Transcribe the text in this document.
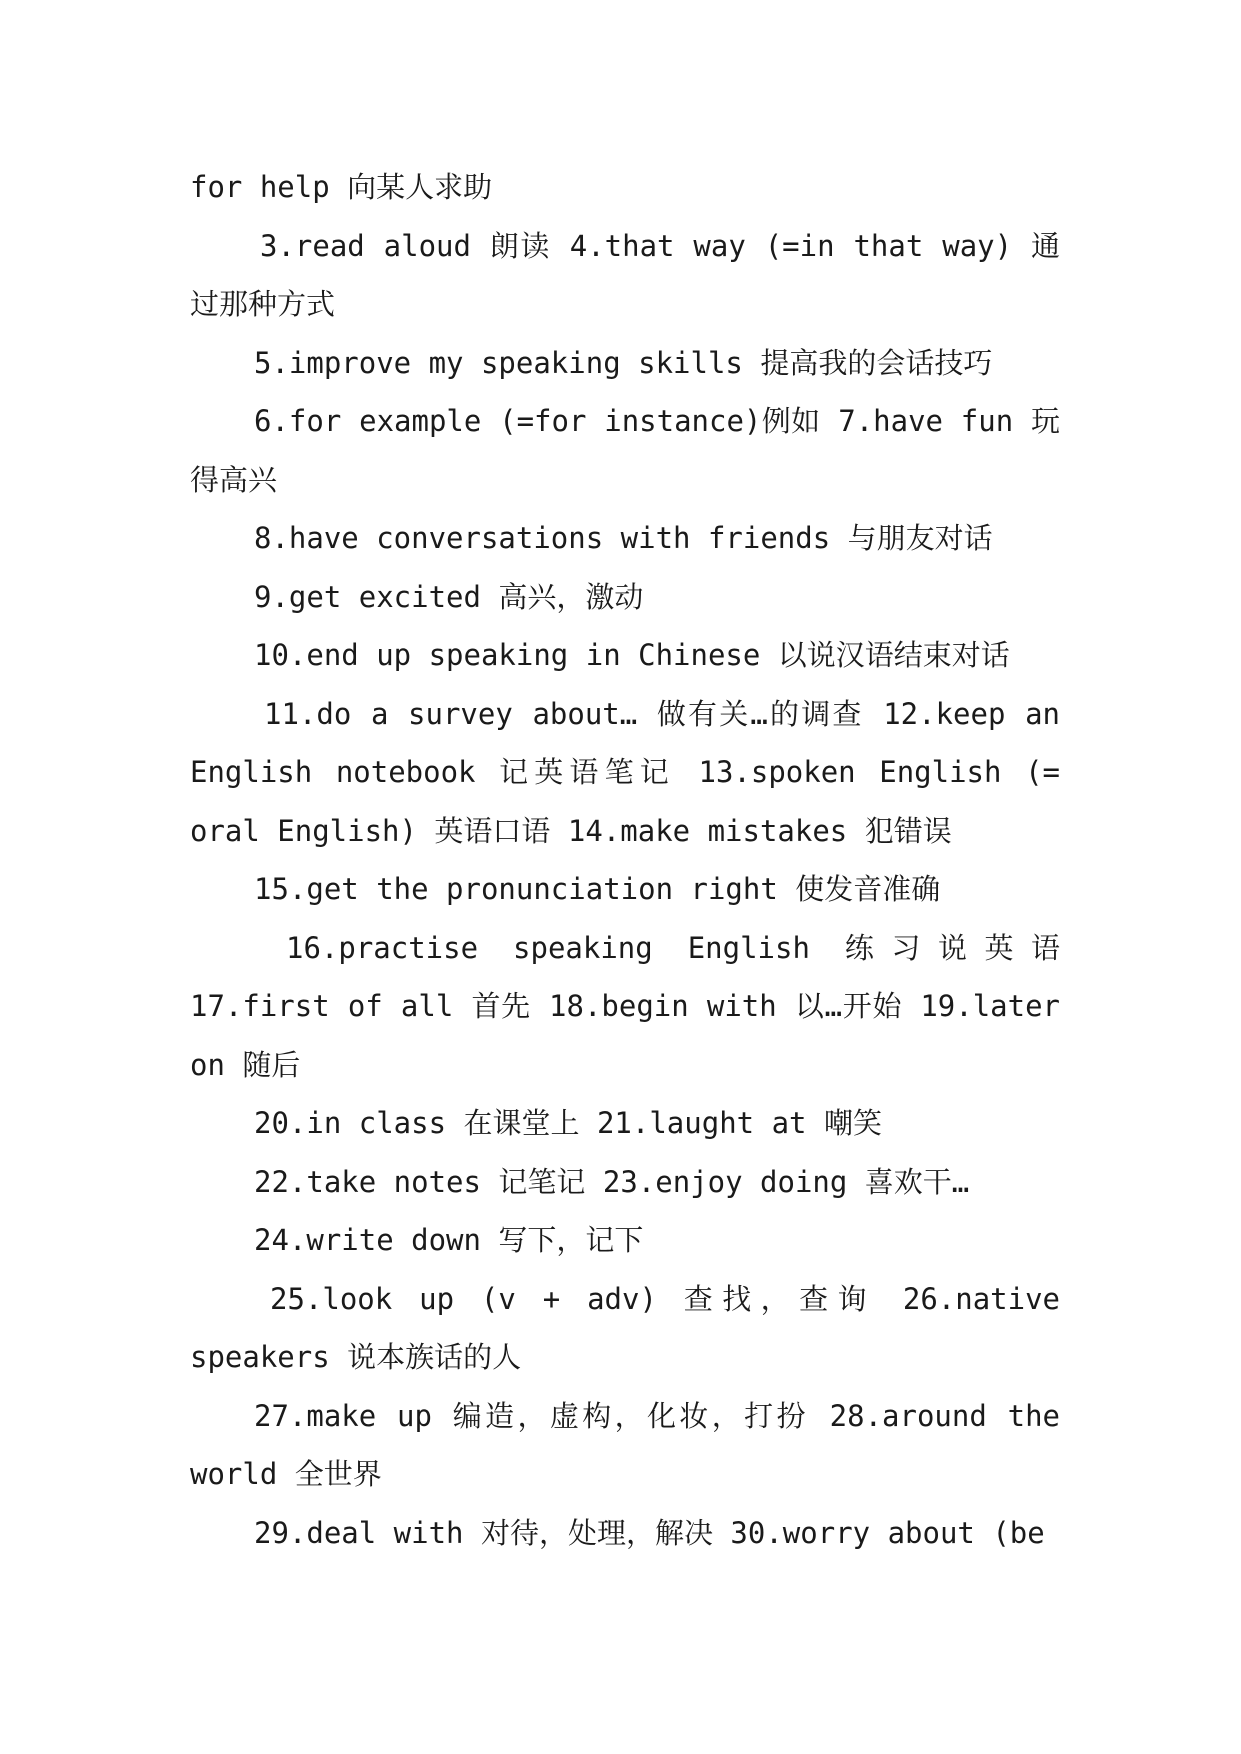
for help 向某人求助

3.read aloud 朗读 4.that way (=in that way) 通过那种方式

5.improve my speaking skills 提高我的会话技巧

6.for example (=for instance)例如 7.have fun 玩得高兴

8.have conversations with friends 与朋友对话

9.get excited 高兴，激动

10.end up speaking in Chinese 以说汉语结束对话

11.do a survey about… 做有关…的调查 12.keep an English notebook 记英语笔记 13.spoken English (= oral English) 英语口语 14.make mistakes 犯错误

15.get the pronunciation right 使发音准确

16.practise speaking English 练习说英语 17.first of all 首先 18.begin with 以…开始 19.later on 随后

20.in class 在课堂上 21.laught at 嘲笑

22.take notes 记笔记 23.enjoy doing 喜欢干…

24.write down 写下，记下

25.look up (v + adv) 查找，查询 26.native speakers 说本族话的人

27.make up 编造，虚构，化妆，打扮 28.around the world 全世界

29.deal with 对待，处理，解决 30.worry about (be
